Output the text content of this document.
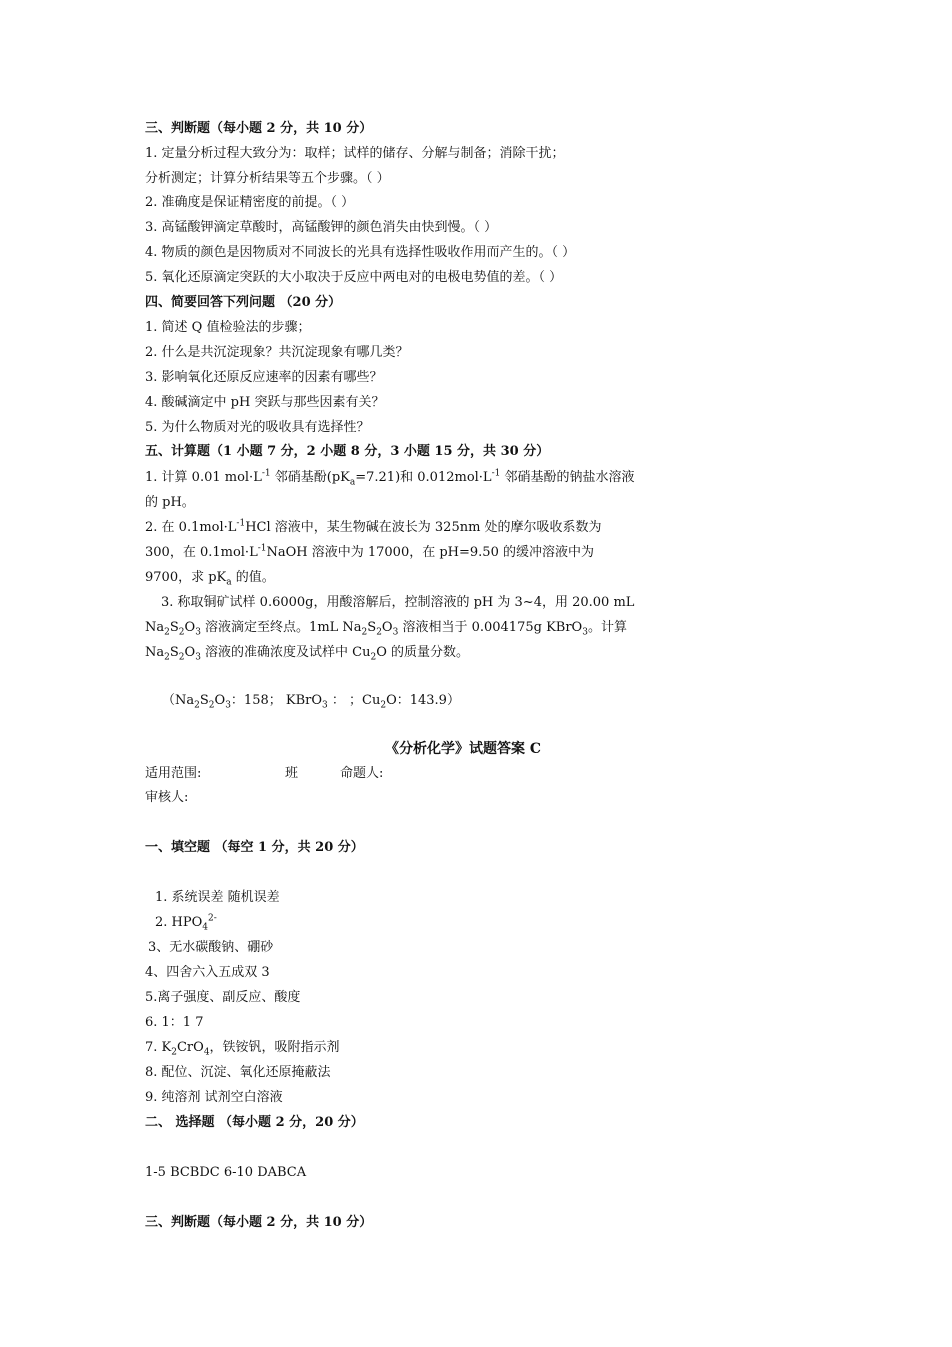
三、判断题（每小题 2 分，共 10 分）
1. 定量分析过程大致分为：取样；试样的储存、分解与制备；消除干扰；
分析测定；计算分析结果等五个步骤。（ ）
2. 准确度是保证精密度的前提。（ ）
3. 高锰酸钾滴定草酸时，高锰酸钾的颜色消失由快到慢。（ ）
4. 物质的颜色是因物质对不同波长的光具有选择性吸收作用而产生的。（ ）
5. 氧化还原滴定突跃的大小取决于反应中两电对的电极电势值的差。（ ）
四、简要回答下列问题 （20 分）
1. 简述 Q 值检验法的步骤；
2. 什么是共沉淀现象？共沉淀现象有哪几类？
3. 影响氧化还原反应速率的因素有哪些？
4. 酸碱滴定中 pH 突跃与那些因素有关？
5. 为什么物质对光的吸收具有选择性？
五、计算题（1 小题 7 分，2 小题 8 分，3 小题 15 分，共 30 分）
1. 计算 0.01 $mol\cdot L^{-1}$ 邻硝基酚$(pK_a=7.21)$和 $0.012mol\cdot L^{-1}$ 邻硝基酚的钠盐水溶液
的 pH。
2. 在 $0.1mol\cdot L^{-1}HCl$ 溶液中，某生物碱在波长为 325nm 处的摩尔吸收系数为
300，在 $0.1mol\cdot L^{-1}NaOH$ 溶液中为 17000，在 pH=9.50 的缓冲溶液中为
9700，求 $pK_a$ 的值。
3. 称取铜矿试样 0.6000g，用酸溶解后，控制溶液的 pH 为 3~4，用 20.00 mL
$Na_2S_2O_3$ 溶液滴定至终点。1mL $Na_2S_2O_3$ 溶液相当于 0.004175g KBrO$_3$。计算
$Na_2S_2O_3$ 溶液的准确浓度及试样中 $Cu_2O$ 的质量分数。
（$Na_2S_2O_3$：158； KBrO$_3$ ： ；$Cu_2O$：143.9）
《分析化学》试题答案 C
适用范围:	班	命题人:
审核人:
一、填空题 （每空 1 分，共 20 分）
1. 系统误差 随机误差
2. $HPO_4^{2-}$
3、无水碳酸钠、硼砂
4、四舍六入五成双 3
5.离子强度、副反应、酸度
6. 1：1 7
7. $K_2CrO_4$，铁铵钒，吸附指示剂
8. 配位、沉淀、氧化还原掩蔽法
9. 纯溶剂 试剂空白溶液
二、 选择题 （每小题 2 分，20 分）
1-5 BCBDC 6-10 DABCA
三、判断题（每小题 2 分，共 10 分）
